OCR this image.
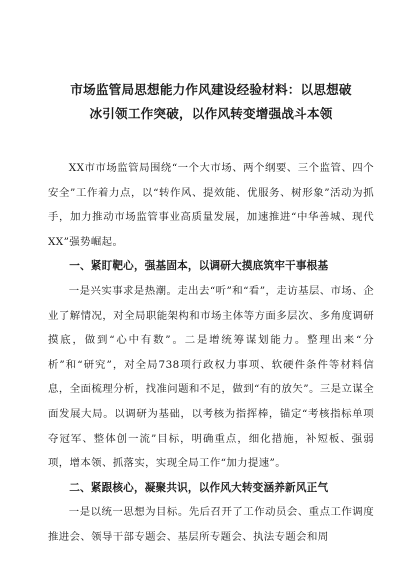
市场监管局思想能力作风建设经验材料：以思想破
冰引领工作突破，以作风转变增强战斗本领

XX市市场监管局围绕“一个大市场、两个纲要、三个监管、四个安全”工作着力点，以“转作风、提效能、优服务、树形象”活动为抓手，加力推动市场监管事业高质量发展，加速推进“中华善城、现代XX”强势崛起。

一、紧盯靶心，强基固本，以调研大摸底筑牢干事根基

一是兴实事求是热潮。走出去“听”和“看”，走访基层、市场、企业了解情况，对全局职能架构和市场主体等方面多层次、多角度调研摸底，做到“心中有数”。二是增统筹谋划能力。整理出来“分析”和“研究”，对全局738项行政权力事项、软硬件条件等材料信息，全面梳理分析，找准问题和不足，做到“有的放矢”。三是立谋全面发展大局。以调研为基础，以考核为指挥棒，锚定“考核指标单项夺冠军、整体创一流”目标，明确重点，细化措施，补短板、强弱项，增本领、抓落实，实现全局工作“加力提速”。

二、紧跟核心，凝聚共识，以作风大转变涵养新风正气

一是以统一思想为目标。先后召开了工作动员会、重点工作调度推进会、领导干部专题会、基层所专题会、执法专题会和周
